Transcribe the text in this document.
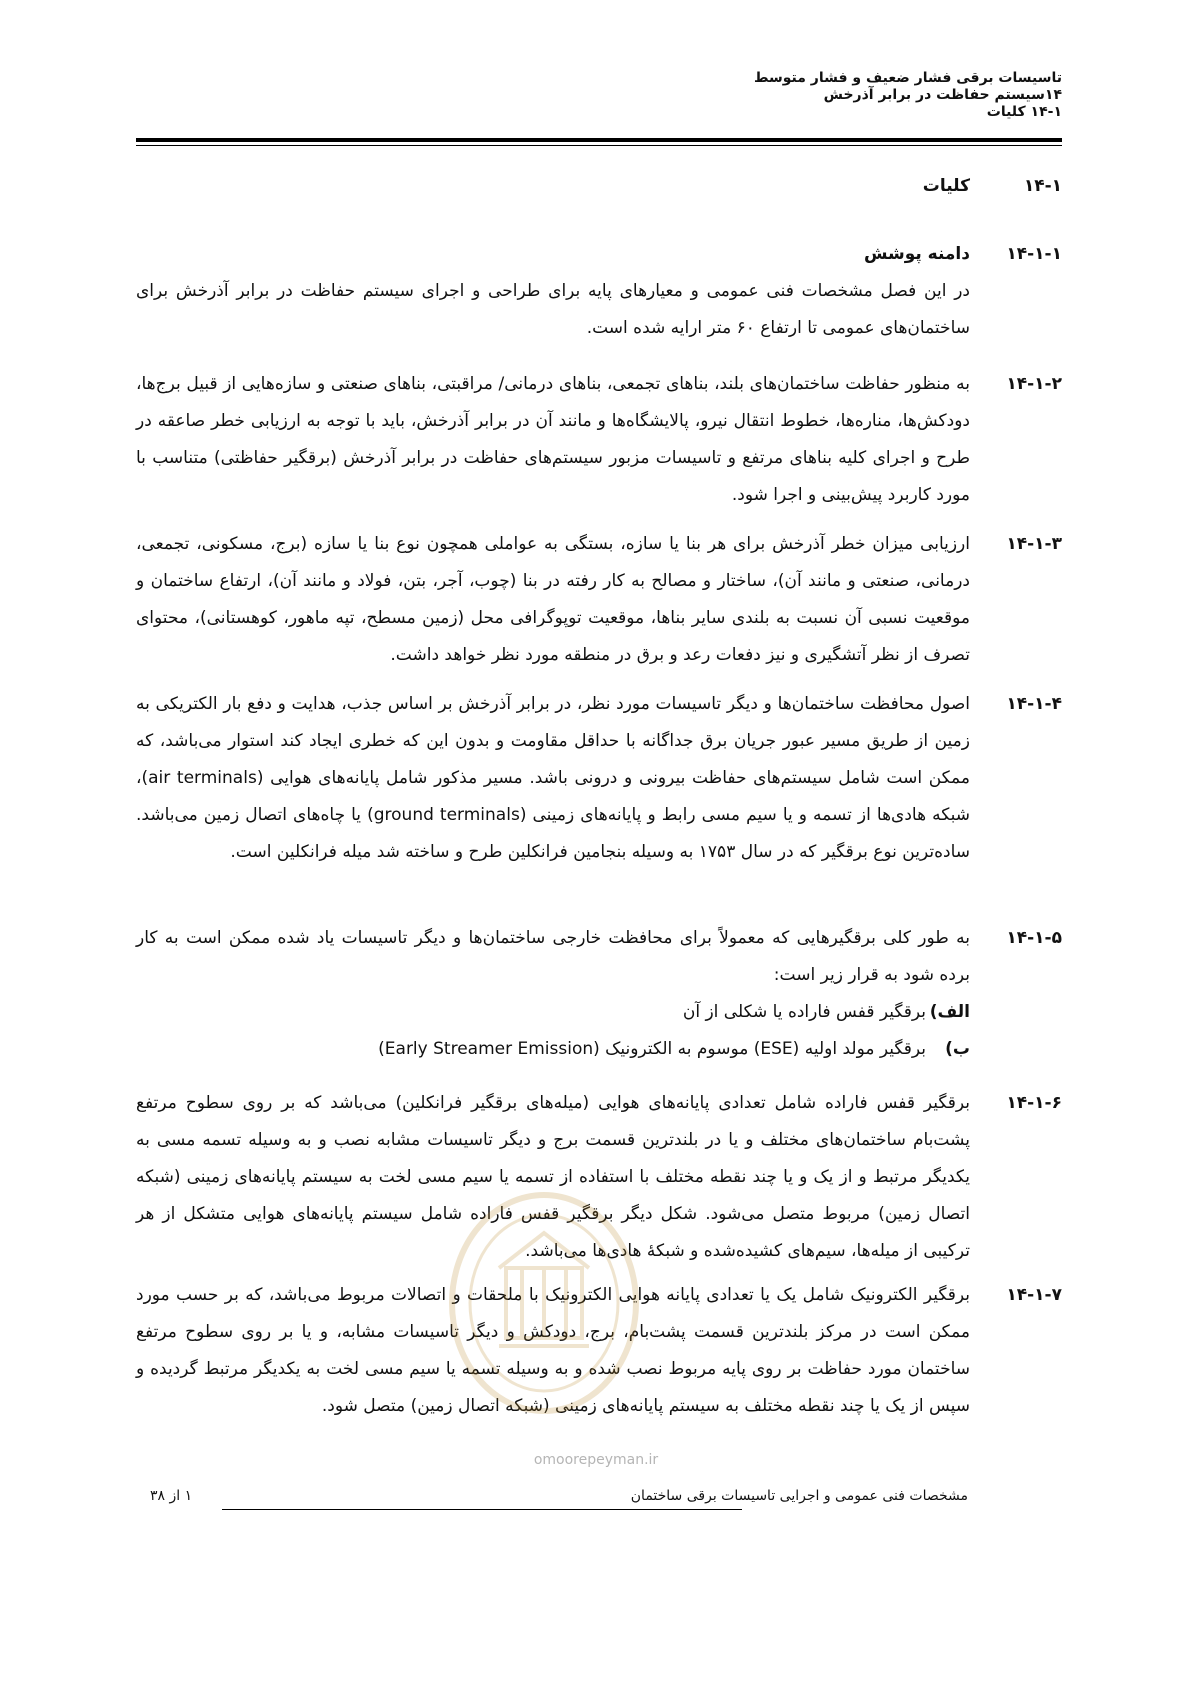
تاسیسات برقی فشار ضعیف و فشار متوسط
۱۴سیستم حفاظت در برابر آذرخش
۱۴-۱ کلیات
۱۴-۱
کلیات
۱۴-۱-۱
دامنه پوشش
در این فصل مشخصات فنی عمومی و معیارهای پایه برای طراحی و اجرای سیستم حفاظت در برابر آذرخش برای ساختمان‌های عمومی تا ارتفاع ۶۰ متر ارایه شده است.
۱۴-۱-۲
به منظور حفاظت ساختمان‌های بلند، بناهای تجمعی، بناهای درمانی/ مراقبتی، بناهای صنعتی و سازه‌هایی از قبیل برج‌ها، دودکش‌ها، مناره‌ها، خطوط انتقال نیرو، پالایشگاه‌ها و مانند آن در برابر آذرخش، باید با توجه به ارزیابی خطر صاعقه در طرح و اجرای کلیه بناهای مرتفع و تاسیسات مزبور سیستم‌های حفاظت در برابر آذرخش (برقگیر حفاظتی) متناسب با مورد کاربرد پیش‌بینی و اجرا شود.
۱۴-۱-۳
ارزیابی میزان خطر آذرخش برای هر بنا یا سازه، بستگی به عواملی همچون نوع بنا یا سازه (برج، مسکونی، تجمعی، درمانی، صنعتی و مانند آن)، ساختار و مصالح به کار رفته در بنا (چوب، آجر، بتن، فولاد و مانند آن)، ارتفاع ساختمان و موقعیت نسبی آن نسبت به بلندی سایر بناها، موقعیت توپوگرافی محل (زمین مسطح، تپه ماهور، کوهستانی)، محتوای تصرف از نظر آتشگیری و نیز دفعات رعد و برق در منطقه مورد نظر خواهد داشت.
۱۴-۱-۴
اصول محافظت ساختمان‌ها و دیگر تاسیسات مورد نظر، در برابر آذرخش بر اساس جذب، هدایت و دفع بار الکتریکی به زمین از طریق مسیر عبور جریان برق جداگانه با حداقل مقاومت و بدون این که خطری ایجاد کند استوار می‌باشد، که ممکن است شامل سیستم‌های حفاظت بیرونی و درونی باشد. مسیر مذکور شامل پایانه‌های هوایی (air terminals)، شبکه هادی‌ها از تسمه و یا سیم مسی رابط و پایانه‌های زمینی (ground terminals) یا چاه‌های اتصال زمین می‌باشد. ساده‌ترین نوع برقگیر که در سال ۱۷۵۳ به وسیله بنجامین فرانکلین طرح و ساخته شد میله فرانکلین است.
۱۴-۱-۵
به طور کلی برقگیرهایی که معمولاً برای محافظت خارجی ساختمان‌ها و دیگر تاسیسات یاد شده ممکن است به کار برده شود به قرار زیر است:
الف)
برقگیر قفس فاراده یا شکلی از آن
ب)
برقگیر مولد اولیه (ESE) موسوم به الکترونیک (Early Streamer Emission)
۱۴-۱-۶
برقگیر قفس فاراده شامل تعدادی پایانه‌های هوایی (میله‌های برقگیر فرانکلین) می‌باشد که بر روی سطوح مرتفع پشت‌بام ساختمان‌های مختلف و یا در بلندترین قسمت برج و دیگر تاسیسات مشابه نصب و به وسیله تسمه مسی به یکدیگر مرتبط و از یک و یا چند نقطه مختلف با استفاده از تسمه یا سیم مسی لخت به سیستم پایانه‌های زمینی (شبکه اتصال زمین) مربوط متصل می‌شود. شکل دیگر برقگیر قفس فاراده شامل سیستم پایانه‌های هوایی متشکل از هر ترکیبی از میله‌ها، سیم‌های کشیده‌شده و شبکهٔ هادی‌ها می‌باشد.
۱۴-۱-۷
برقگیر الکترونیک شامل یک یا تعدادی پایانه هوایی الکترونیک با ملحقات و اتصالات مربوط می‌باشد، که بر حسب مورد ممکن است در مرکز بلندترین قسمت پشت‌بام، برج، دودکش و دیگر تاسیسات مشابه، و یا بر روی سطوح مرتفع ساختمان مورد حفاظت بر روی پایه مربوط نصب شده و به وسیله تسمه یا سیم مسی لخت به یکدیگر مرتبط گردیده و سپس از یک یا چند نقطه مختلف به سیستم پایانه‌های زمینی (شبکه اتصال زمین) متصل شود.
omoorepeyman.ir
مشخصات فنی عمومی و اجرایی تاسیسات برقی ساختمان
۱ از ۳۸
